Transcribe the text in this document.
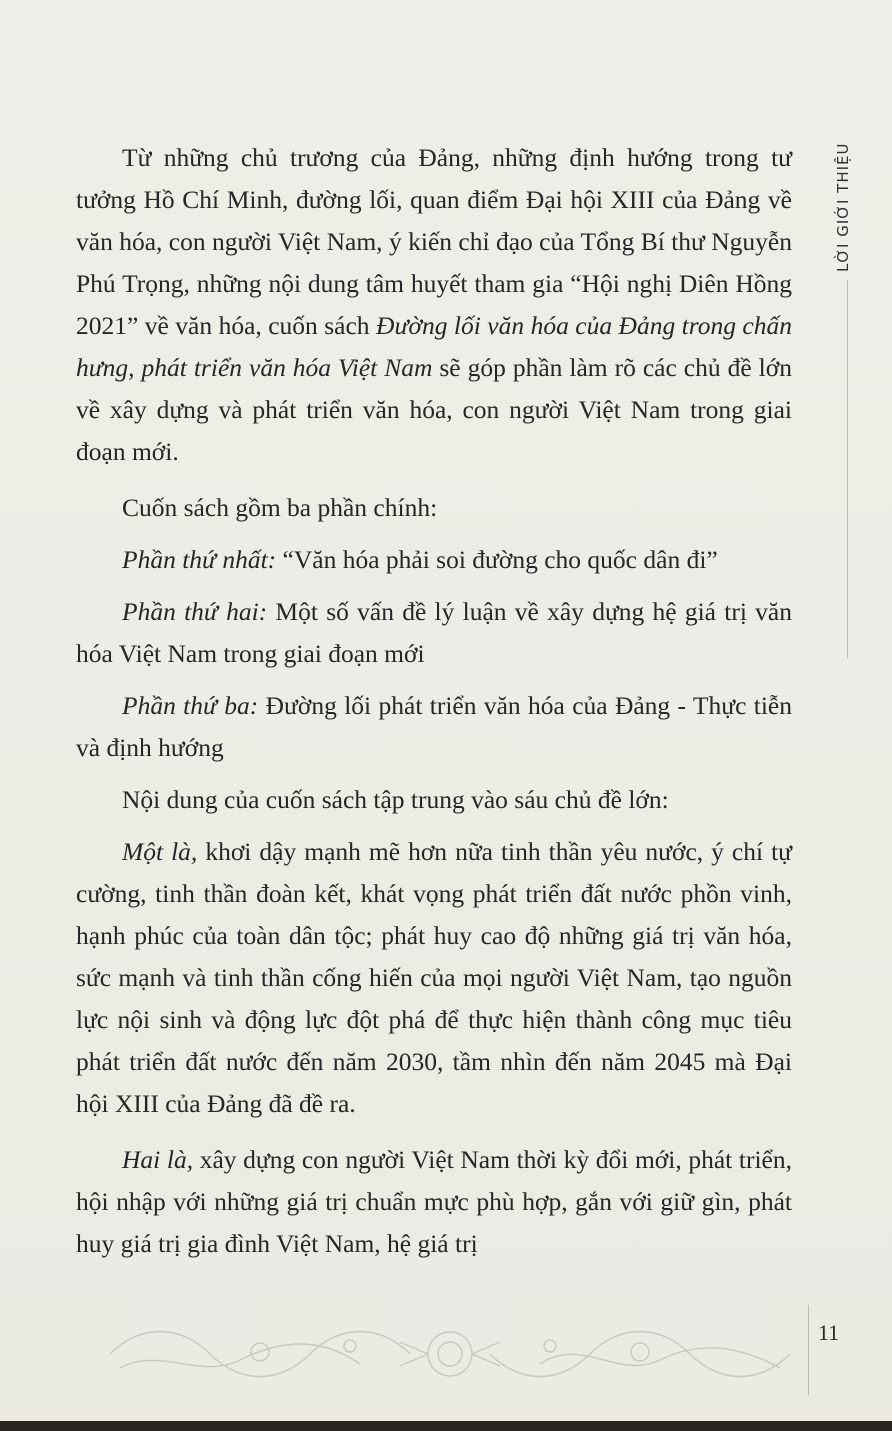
Từ những chủ trương của Đảng, những định hướng trong tư tưởng Hồ Chí Minh, đường lối, quan điểm Đại hội XIII của Đảng về văn hóa, con người Việt Nam, ý kiến chỉ đạo của Tổng Bí thư Nguyễn Phú Trọng, những nội dung tâm huyết tham gia “Hội nghị Diên Hồng 2021” về văn hóa, cuốn sách Đường lối văn hóa của Đảng trong chấn hưng, phát triển văn hóa Việt Nam sẽ góp phần làm rõ các chủ đề lớn về xây dựng và phát triển văn hóa, con người Việt Nam trong giai đoạn mới.

Cuốn sách gồm ba phần chính:

Phần thứ nhất: “Văn hóa phải soi đường cho quốc dân đi”

Phần thứ hai: Một số vấn đề lý luận về xây dựng hệ giá trị văn hóa Việt Nam trong giai đoạn mới

Phần thứ ba: Đường lối phát triển văn hóa của Đảng - Thực tiễn và định hướng

Nội dung của cuốn sách tập trung vào sáu chủ đề lớn:

Một là, khơi dậy mạnh mẽ hơn nữa tinh thần yêu nước, ý chí tự cường, tinh thần đoàn kết, khát vọng phát triển đất nước phồn vinh, hạnh phúc của toàn dân tộc; phát huy cao độ những giá trị văn hóa, sức mạnh và tinh thần cống hiến của mọi người Việt Nam, tạo nguồn lực nội sinh và động lực đột phá để thực hiện thành công mục tiêu phát triển đất nước đến năm 2030, tầm nhìn đến năm 2045 mà Đại hội XIII của Đảng đã đề ra.

Hai là, xây dựng con người Việt Nam thời kỳ đổi mới, phát triển, hội nhập với những giá trị chuẩn mực phù hợp, gắn với giữ gìn, phát huy giá trị gia đình Việt Nam, hệ giá trị

LỜI GIỚI THIỆU
11
